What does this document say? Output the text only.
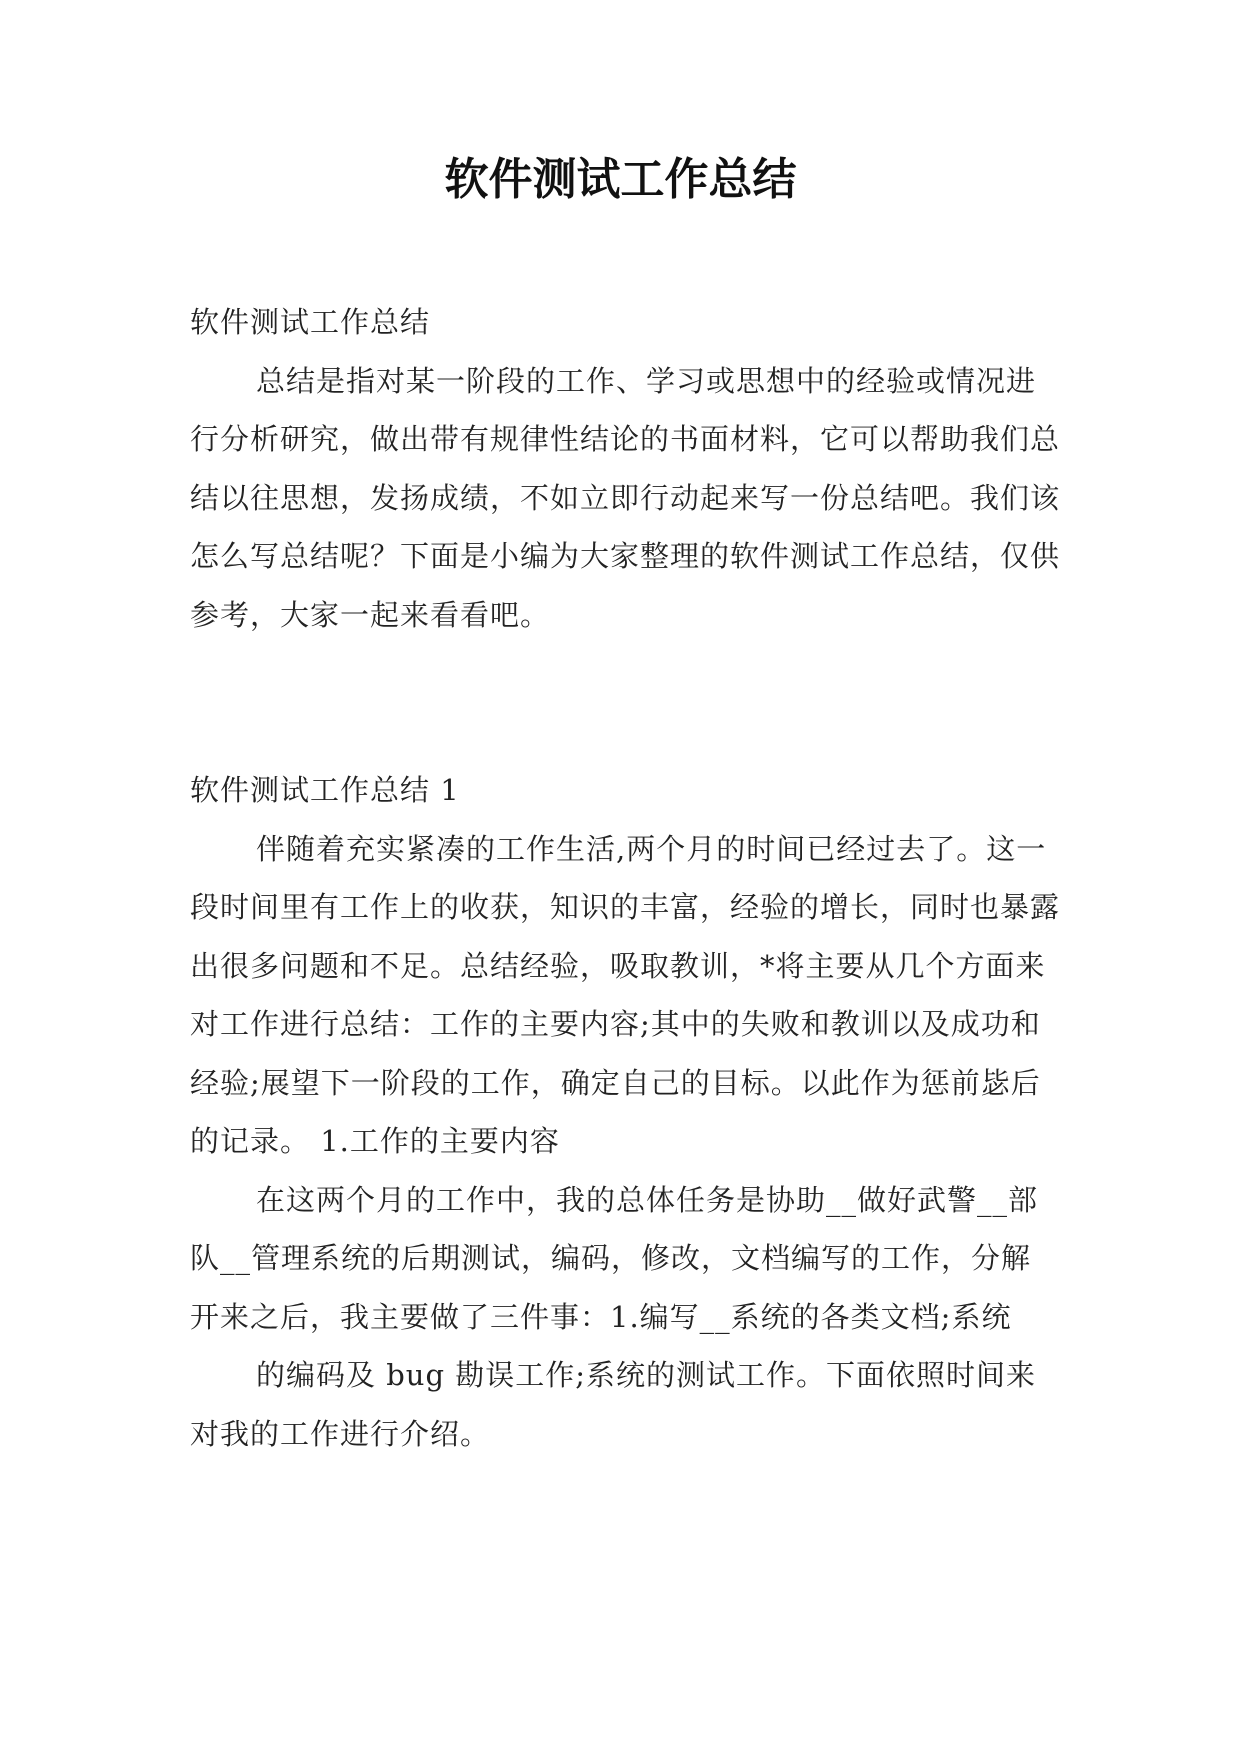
软件测试工作总结

软件测试工作总结

总结是指对某一阶段的工作、学习或思想中的经验或情况进行分析研究，做出带有规律性结论的书面材料，它可以帮助我们总结以往思想，发扬成绩，不如立即行动起来写一份总结吧。我们该怎么写总结呢？下面是小编为大家整理的软件测试工作总结，仅供参考，大家一起来看看吧。

软件测试工作总结 1

伴随着充实紧凑的工作生活,两个月的时间已经过去了。这一段时间里有工作上的收获，知识的丰富，经验的增长，同时也暴露出很多问题和不足。总结经验，吸取教训，*将主要从几个方面来对工作进行总结：工作的主要内容;其中的失败和教训以及成功和经验;展望下一阶段的工作，确定自己的目标。以此作为惩前毖后的记录。 1.工作的主要内容

在这两个月的工作中，我的总体任务是协助__做好武警__部队__管理系统的后期测试，编码，修改，文档编写的工作，分解开来之后，我主要做了三件事：1.编写__系统的各类文档;系统

的编码及 bug 勘误工作;系统的测试工作。下面依照时间来对我的工作进行介绍。
